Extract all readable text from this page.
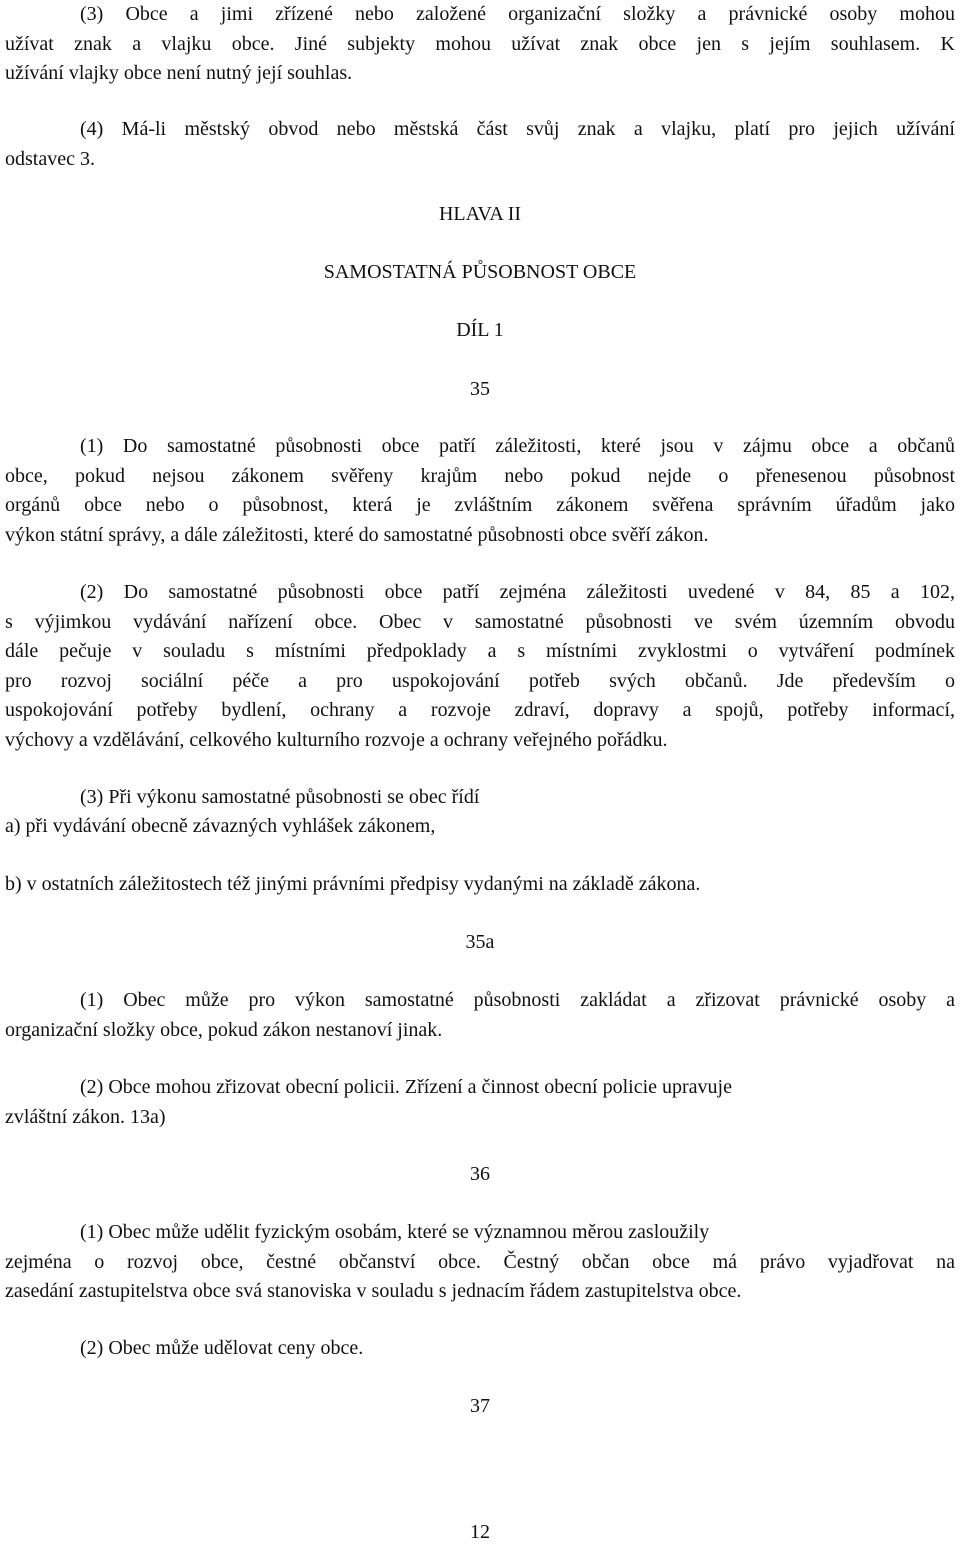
(3) Obce a jimi zřízené nebo založené organizační složky a právnické osoby mohou
užívat znak a vlajku obce. Jiné subjekty mohou užívat znak obce jen s jejím souhlasem. K
užívání vlajky obce není nutný její souhlas.
(4) Má-li městský obvod nebo městská část svůj znak a vlajku, platí pro jejich užívání
odstavec 3.
HLAVA II
SAMOSTATNÁ PŮSOBNOST OBCE
DÍL 1
35
(1) Do samostatné působnosti obce patří záležitosti, které jsou v zájmu obce a občanů
obce, pokud nejsou zákonem svěřeny krajům nebo pokud nejde o přenesenou působnost
orgánů obce nebo o působnost, která je zvláštním zákonem svěřena správním úřadům jako
výkon státní správy, a dále záležitosti, které do samostatné působnosti obce svěří zákon.
(2) Do samostatné působnosti obce patří zejména záležitosti uvedené v 84, 85 a 102,
s výjimkou vydávání nařízení obce. Obec v samostatné působnosti ve svém územním obvodu
dále pečuje v souladu s místními předpoklady a s místními zvyklostmi o vytváření podmínek
pro rozvoj sociální péče a pro uspokojování potřeb svých občanů. Jde především o
uspokojování potřeby bydlení, ochrany a rozvoje zdraví, dopravy a spojů, potřeby informací,
výchovy a vzdělávání, celkového kulturního rozvoje a ochrany veřejného pořádku.
(3) Při výkonu samostatné působnosti se obec řídí
a) při vydávání obecně závazných vyhlášek zákonem,
b) v ostatních záležitostech též jinými právními předpisy vydanými na základě zákona.
35a
(1) Obec může pro výkon samostatné působnosti zakládat a zřizovat právnické osoby a
organizační složky obce, pokud zákon nestanoví jinak.
(2) Obce mohou zřizovat obecní policii. Zřízení a činnost obecní policie upravuje
zvláštní zákon. 13a)
36
(1) Obec může udělit fyzickým osobám, které se významnou měrou zasloužily
zejména o rozvoj obce, čestné občanství obce. Čestný občan obce má právo vyjadřovat na
zasedání zastupitelstva obce svá stanoviska v souladu s jednacím řádem zastupitelstva obce.
(2) Obec může udělovat ceny obce.
37
12
